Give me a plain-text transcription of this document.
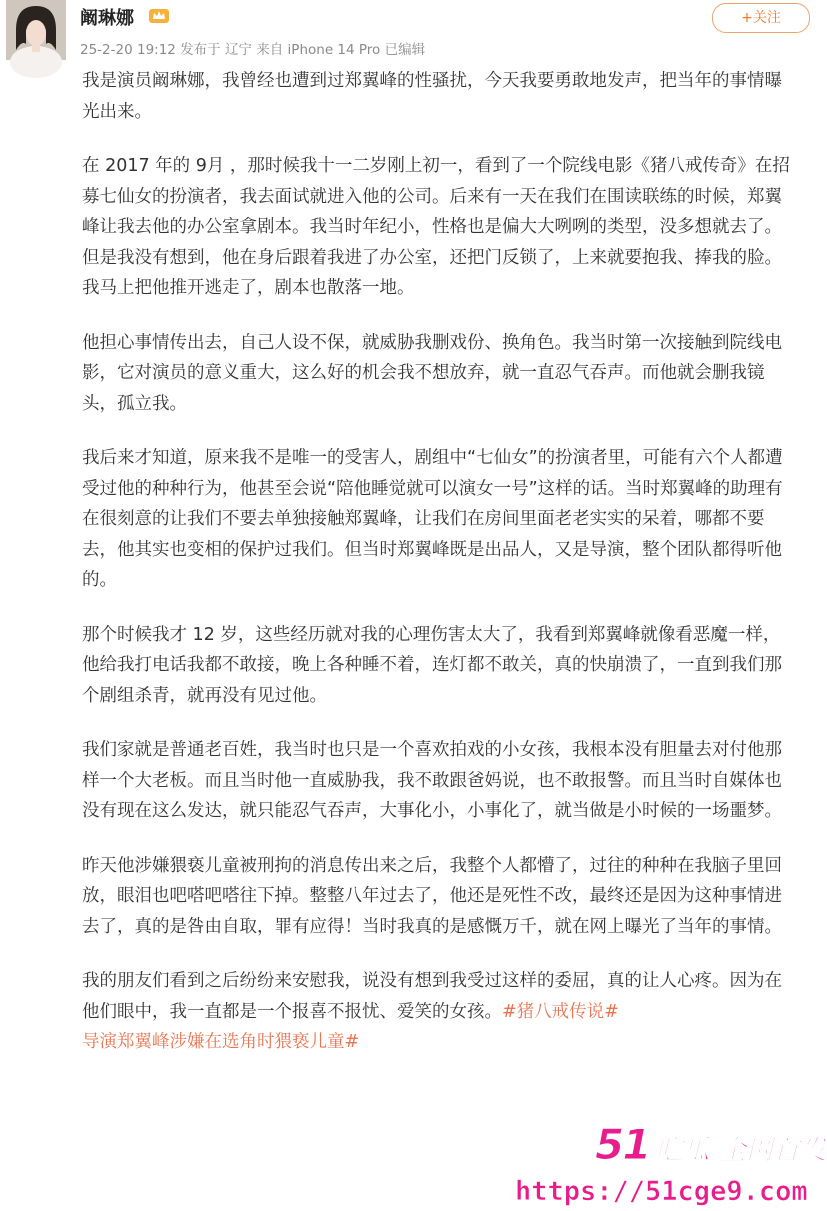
阚琳娜
25-2-20 19:12 发布于 辽宁 来自 iPhone 14 Pro 已编辑
+关注

我是演员阚琳娜，我曾经也遭到过郑翼峰的性骚扰，今天我要勇敢地发声，把当年的事情曝光出来。

在 2017 年的 9月 ，那时候我十一二岁刚上初一，看到了一个院线电影《猪八戒传奇》在招募七仙女的扮演者，我去面试就进入他的公司。后来有一天在我们在围读联练的时候，郑翼峰让我去他的办公室拿剧本。我当时年纪小，性格也是偏大大咧咧的类型，没多想就去了。但是我没有想到，他在身后跟着我进了办公室，还把门反锁了，上来就要抱我、捧我的脸。我马上把他推开逃走了，剧本也散落一地。

他担心事情传出去，自己人设不保，就威胁我删戏份、换角色。我当时第一次接触到院线电影，它对演员的意义重大，这么好的机会我不想放弃，就一直忍气吞声。而他就会删我镜头，孤立我。

我后来才知道，原来我不是唯一的受害人，剧组中“七仙女”的扮演者里，可能有六个人都遭受过他的种种行为，他甚至会说“陪他睡觉就可以演女一号”这样的话。当时郑翼峰的助理有在很刻意的让我们不要去单独接触郑翼峰，让我们在房间里面老老实实的呆着，哪都不要去，他其实也变相的保护过我们。但当时郑翼峰既是出品人，又是导演，整个团队都得听他的。

那个时候我才 12 岁，这些经历就对我的心理伤害太大了，我看到郑翼峰就像看恶魔一样，他给我打电话我都不敢接，晚上各种睡不着，连灯都不敢关，真的快崩溃了，一直到我们那个剧组杀青，就再没有见过他。

我们家就是普通老百姓，我当时也只是一个喜欢拍戏的小女孩，我根本没有胆量去对付他那样一个大老板。而且当时他一直威胁我，我不敢跟爸妈说，也不敢报警。而且当时自媒体也没有现在这么发达，就只能忍气吞声，大事化小，小事化了，就当做是小时候的一场噩梦。

昨天他涉嫌猥亵儿童被刑拘的消息传出来之后，我整个人都懵了，过往的种种在我脑子里回放，眼泪也吧嗒吧嗒往下掉。整整八年过去了，他还是死性不改，最终还是因为这种事情进去了，真的是咎由自取，罪有应得！当时我真的是感慨万千，就在网上曝光了当年的事情。

我的朋友们看到之后纷纷来安慰我，说没有想到我受过这样的委屈，真的让人心疼。因为在他们眼中，我一直都是一个报喜不报忧、爱笑的女孩。#猪八戒传说#
导演郑翼峰涉嫌在选角时猥亵儿童#

51 吃瓜 全网首发
https://51cge9.com
